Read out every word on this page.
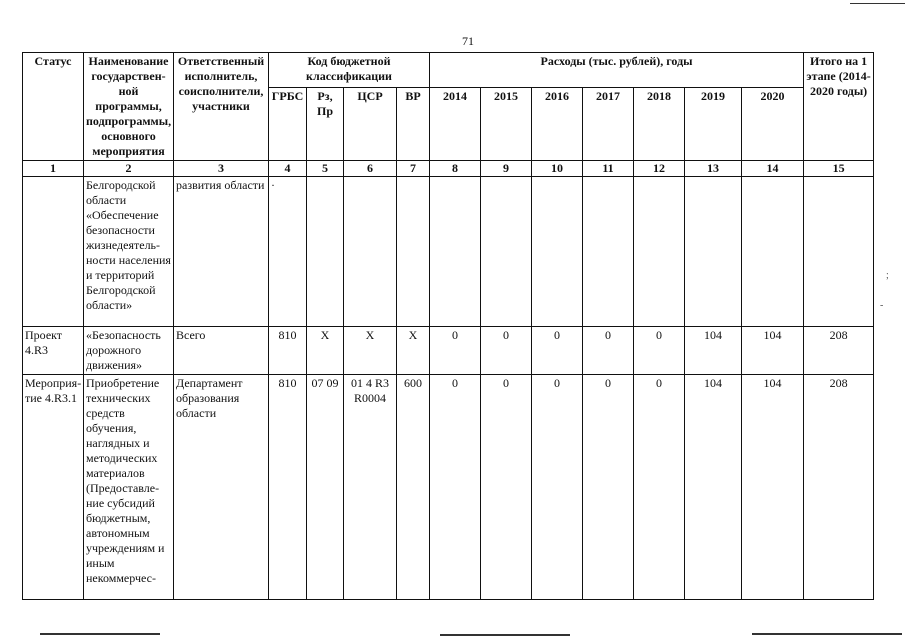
71
Статус	Наименование государствен-ной программы, подпрограммы, основного мероприятия	Ответственный исполнитель, соисполнители, участники	Код бюджетной классификации				Расходы (тыс. рублей), годы							Итого на 1 этапе (2014-2020 годы)
			ГРБС	Рз, Пр	ЦСР	ВР	2014	2015	2016	2017	2018	2019	2020	
1	2	3	4	5	6	7	8	9	10	11	12	13	14	15
	Белгородской области «Обеспечение безопасности жизнедеятель-ности населения и территорий Белгородской области»	развития области	·											
Проект 4.R3	«Безопасность дорожного движения»	Всего	810	Х	Х	Х	0	0	0	0	0	104	104	208
Мероприя-тие 4.R3.1	Приобретение технических средств обучения, наглядных и методических материалов (Предоставле-ние субсидий бюджетным, автономным учреждениям и иным некоммерчес-	Департамент образования области	810	07 09	01 4 R3 R0004	600	0	0	0	0	0	104	104	208
;
-
